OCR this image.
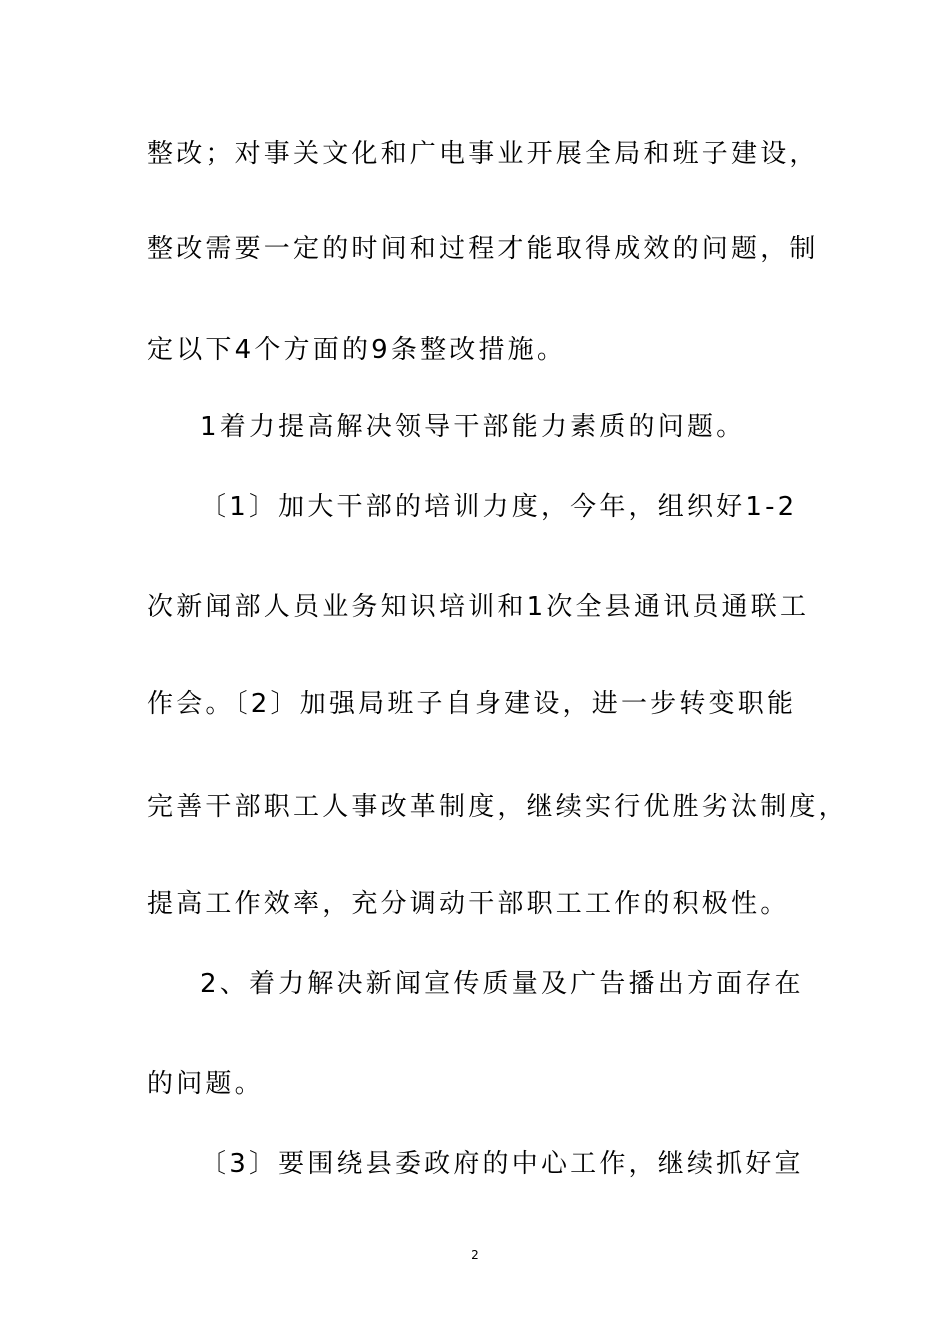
整改；对事关文化和广电事业开展全局和班子建设，
整改需要一定的时间和过程才能取得成效的问题，制
定以下4个方面的9条整改措施。
1着力提高解决领导干部能力素质的问题。
〔1〕加大干部的培训力度，今年，组织好1-2
次新闻部人员业务知识培训和1次全县通讯员通联工
作会。〔2〕加强局班子自身建设，进一步转变职能
完善干部职工人事改革制度，继续实行优胜劣汰制度，
提高工作效率，充分调动干部职工工作的积极性。
2、着力解决新闻宣传质量及广告播出方面存在
的问题。
〔3〕要围绕县委政府的中心工作，继续抓好宣
2
